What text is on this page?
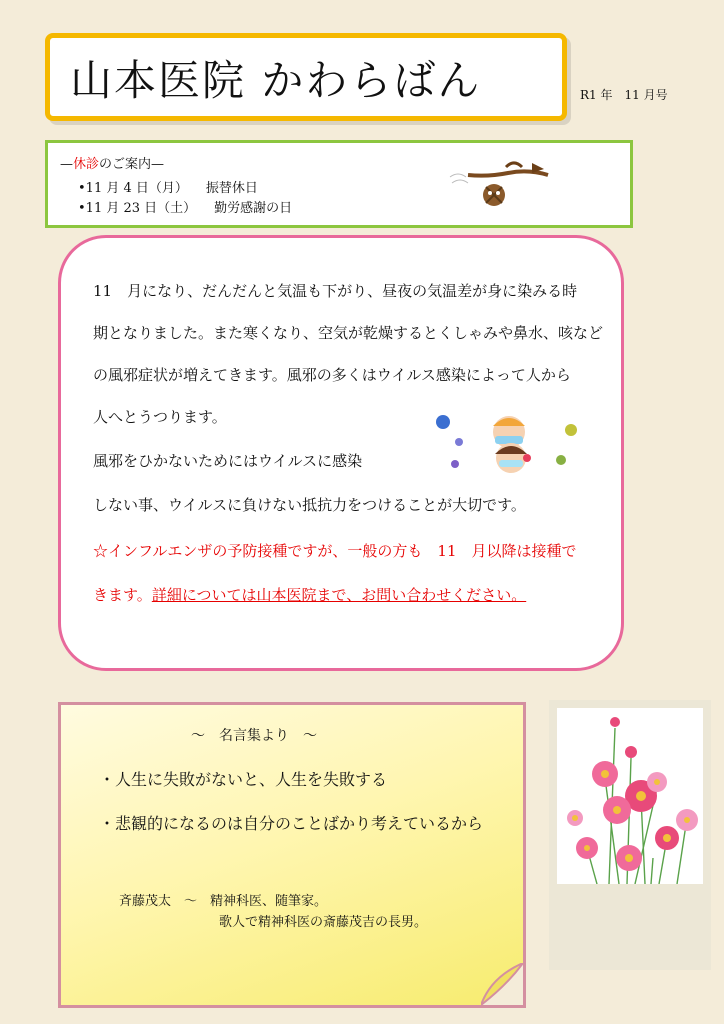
山本医院 かわらばん	R1 年　11 月号
—休診のご案内—
•11 月 4 日（月） 振替休日
•11 月 23 日（土） 勤労感謝の日
11　月になり、だんだんと気温も下がり、昼夜の気温差が身に染みる時
期となりました。また寒くなり、空気が乾燥するとくしゃみや鼻水、咳など
の風邪症状が増えてきます。風邪の多くはウイルス感染によって人から
人へとうつります。
風邪をひかないためにはウイルスに感染
しない事、ウイルスに負けない抵抗力をつけることが大切です。
☆インフルエンザの予防接種ですが、一般の方も　11　月以降は接種で
きます。詳細については山本医院まで、お問い合わせください。
～　名言集より　～
・人生に失敗がないと、人生を失敗する
・悲観的になるのは自分のことばかり考えているから
斉藤茂太　～　精神科医、随筆家。
歌人で精神科医の斎藤茂吉の長男。
